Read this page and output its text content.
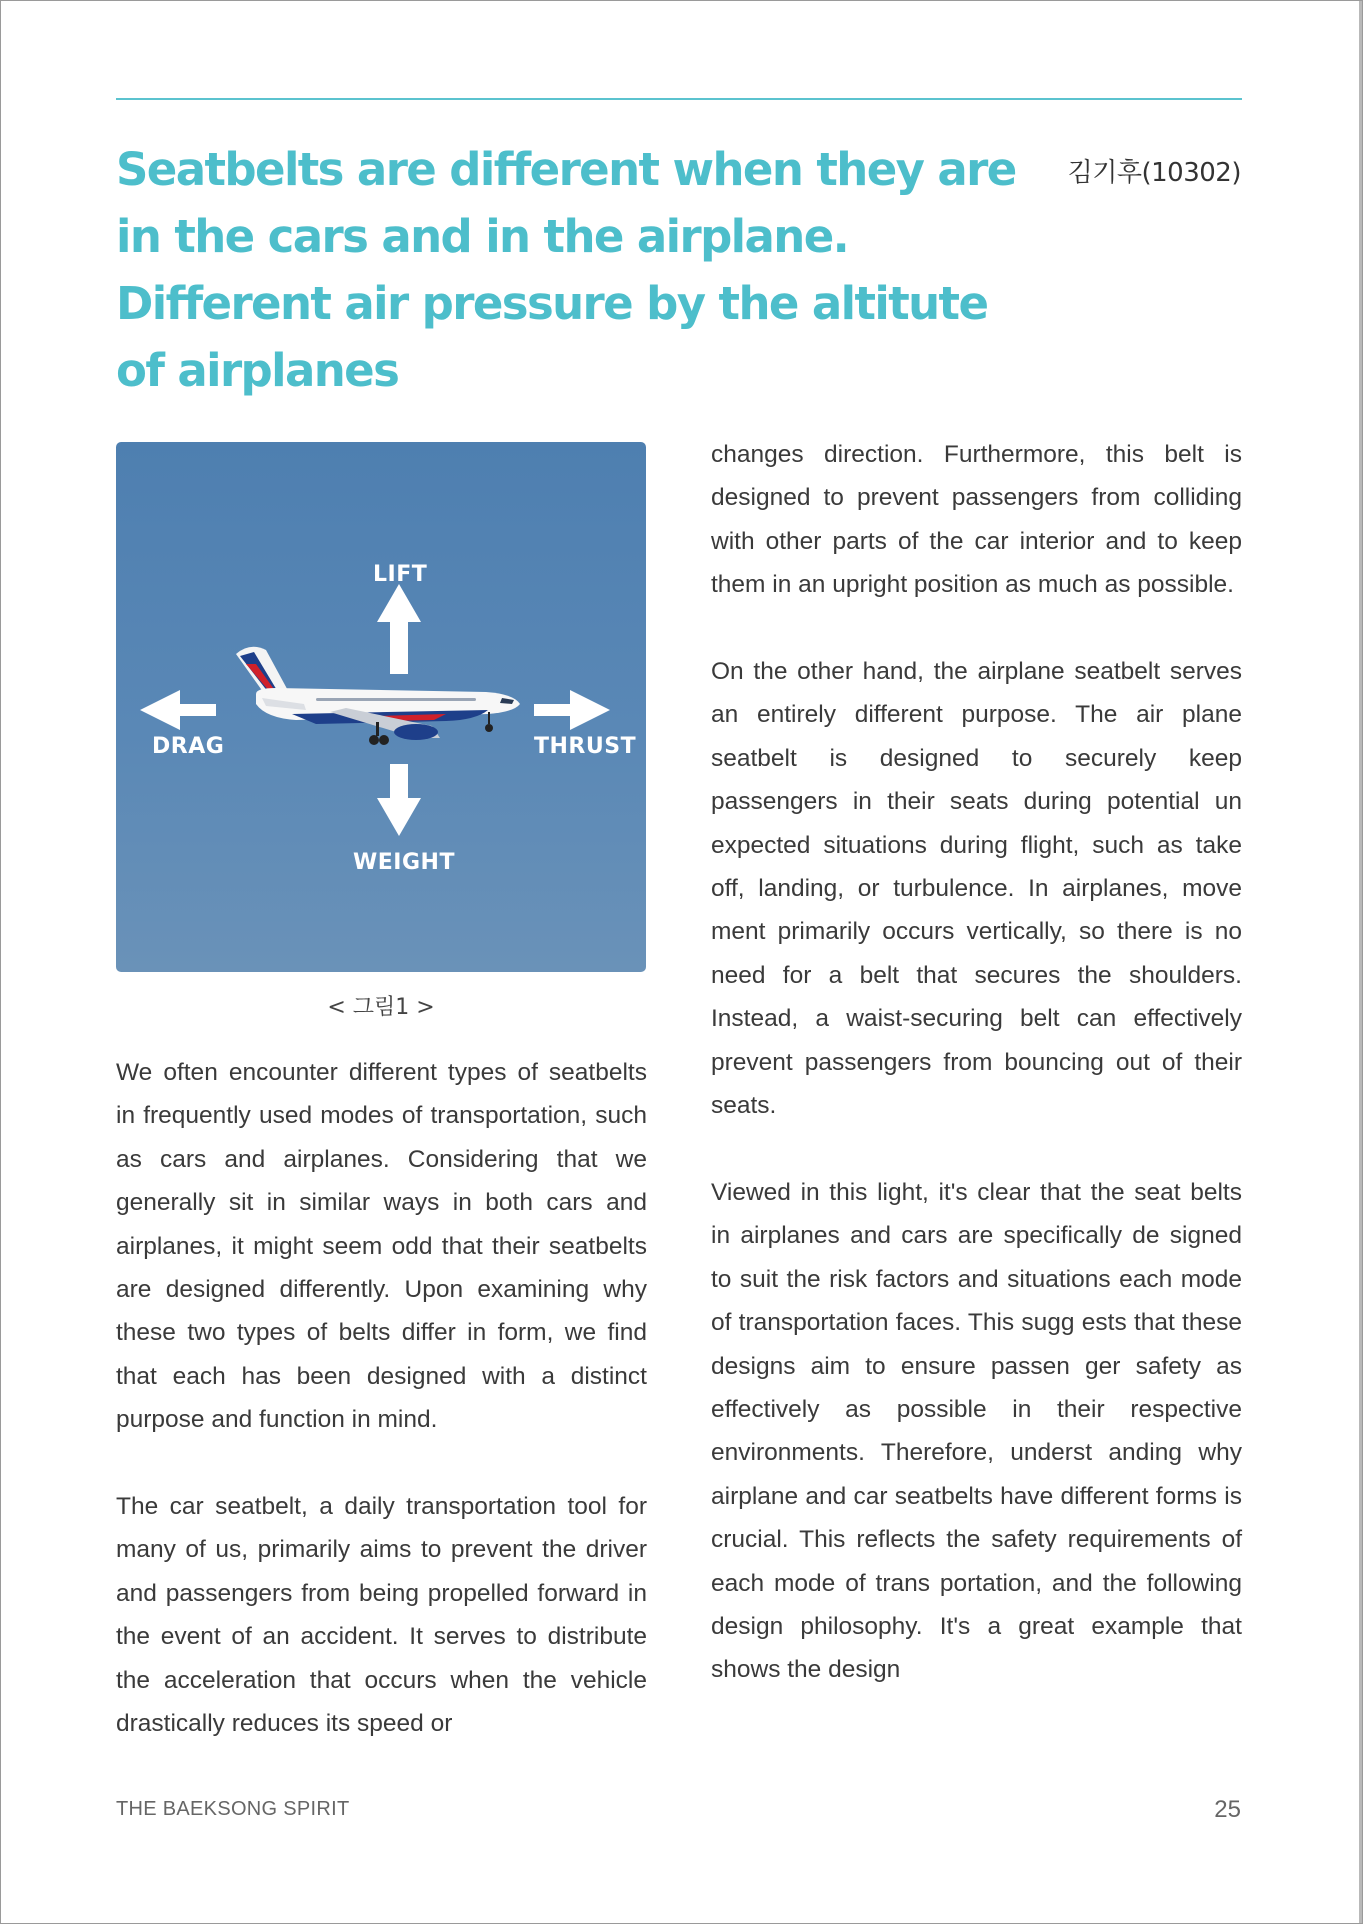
Seatbelts are different when they are in the cars and in the airplane. Different air pressure by the altitute of airplanes
김기후(10302)
LIFT
DRAG	THRUST
WEIGHT
< 그림1 >

We often encounter different types of seatbelts in frequently used modes of transportation, such as cars and airplanes. Considering that we generally sit in similar ways in both cars and airplanes, it might seem odd that their seatbelts are designed differently. Upon examining why these two types of belts differ in form, we find that each has been designed with a distinct purpose and function in mind.

The car seatbelt, a daily transportation tool for many of us, primarily aims to prevent the driver and passengers from being propelled forward in the event of an accident. It serves to distribute the acceleration that occurs when the vehicle drastically reduces its speed or

changes direction. Furthermore, this belt is designed to prevent passengers from colliding with other parts of the car interior and to keep them in an upright position as much as possible.

On the other hand, the airplane seatbelt serves an entirely different purpose. The air plane seatbelt is designed to securely keep passengers in their seats during potential un expected situations during flight, such as take off, landing, or turbulence. In airplanes, move ment primarily occurs vertically, so there is no need for a belt that secures the shoulders. Instead, a waist-securing belt can effectively prevent passengers from bouncing out of their seats.

Viewed in this light, it's clear that the seat belts in airplanes and cars are specifically de signed to suit the risk factors and situations each mode of transportation faces. This sugg ests that these designs aim to ensure passen ger safety as effectively as possible in their respective environments. Therefore, underst anding why airplane and car seatbelts have different forms is crucial. This reflects the safety requirements of each mode of trans portation, and the following design philosophy. It's a great example that shows the design

THE BAEKSONG SPIRIT	25
